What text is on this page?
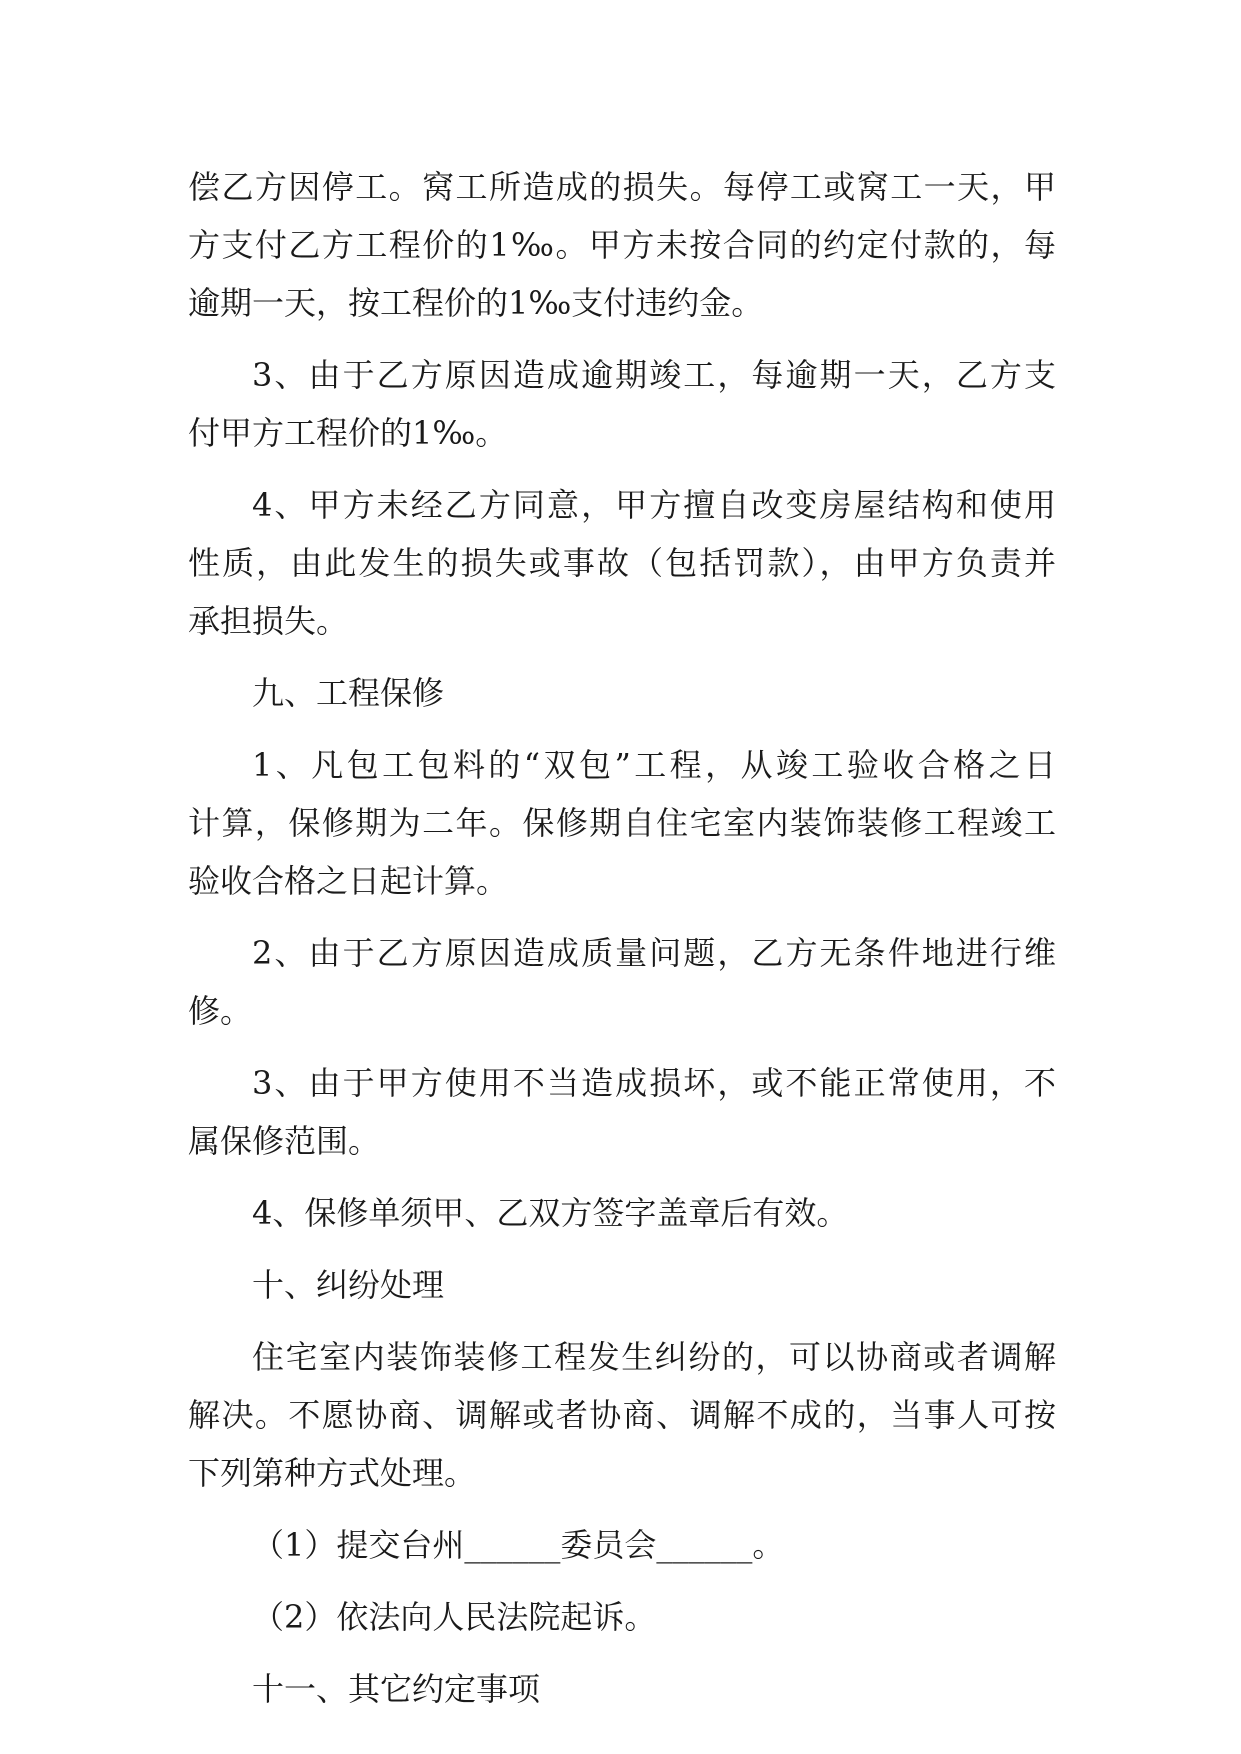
偿乙方因停工。窝工所造成的损失。每停工或窝工一天，甲
方支付乙方工程价的1‰。甲方未按合同的约定付款的，每
逾期一天，按工程价的1‰支付违约金。
3、由于乙方原因造成逾期竣工，每逾期一天，乙方支
付甲方工程价的1‰。
4、甲方未经乙方同意，甲方擅自改变房屋结构和使用
性质，由此发生的损失或事故（包括罚款），由甲方负责并
承担损失。
九、工程保修
1、凡包工包料的“双包”工程，从竣工验收合格之日
计算，保修期为二年。保修期自住宅室内装饰装修工程竣工
验收合格之日起计算。
2、由于乙方原因造成质量问题，乙方无条件地进行维
修。
3、由于甲方使用不当造成损坏，或不能正常使用，不
属保修范围。
4、保修单须甲、乙双方签字盖章后有效。
十、纠纷处理
住宅室内装饰装修工程发生纠纷的，可以协商或者调解
解决。不愿协商、调解或者协商、调解不成的，当事人可按
下列第种方式处理。
（1）提交台州______委员会______。
（2）依法向人民法院起诉。
十一、其它约定事项
